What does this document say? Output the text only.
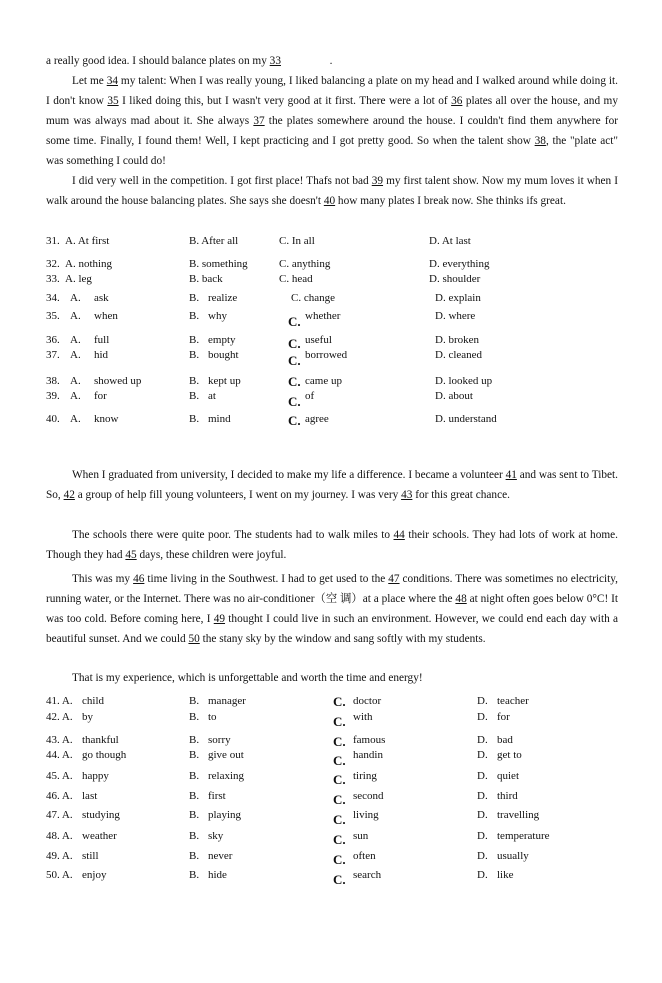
a really good idea. I should balance plates on my 33	.

Let me 34 my talent: When I was really young, I liked balancing a plate on my head and I walked around while doing it. I don't know 35 I liked doing this, but I wasn't very good at it first. There were a lot of 36 plates all over the house, and my mum was always mad about it. She always 37 the plates somewhere around the house. I couldn't find them anywhere for some time. Finally, I found them! Well, I kept practicing and I got pretty good. So when the talent show 38, the "plate act" was something I could do!

I did very well in the competition. I got first place! Thafs not bad 39 my first talent show. Now my mum loves it when I walk around the house balancing plates. She says she doesn't 40 how many plates I break now. She thinks ifs great.

31. A. At first	B. After all	C. In all	D. At last
32. A. nothing	B. something	C. anything	D. everything
33. A. leg	B. back	C. head	D. shoulder
34. A. ask	B. realize	C. change	D. explain
35. A. when	B. why	C. whether	D. where
36. A. full	B. empty	C. useful	D. broken
37. A. hid	B. bought	C. borrowed	D. cleaned
38. A. showed up	B. kept up	C. came up	D. looked up
39. A. for	B. at	C. of	D. about
40. A. know	B. mind	C. agree	D. understand

When I graduated from university, I decided to make my life a difference. I became a volunteer 41 and was sent to Tibet. So, 42 a group of help fill young volunteers, I went on my journey. I was very 43 for this great chance.

The schools there were quite poor. The students had to walk miles to 44 their schools. They had lots of work at home. Though they had 45 days, these children were joyful.

This was my 46 time living in the Southwest. I had to get used to the 47 conditions. There was sometimes no electricity, running water, or the Internet. There was no air-conditioner（空 调）at a place where the 48 at night often goes below 0°C! It was too cold. Before coming here, I 49 thought I could live in such an environment. However, we could end each day with a beautiful sunset. And we could 50 the stany sky by the window and sang softly with my students.

That is my experience, which is unforgettable and worth the time and energy!

41. A. child	B. manager	C. doctor	D. teacher
42. A. by	B. to	C. with	D. for
43. A. thankful	B. sorry	C. famous	D. bad
44. A. go though	B. give out	C. handin	D. get to
45. A. happy	B. relaxing	C. tiring	D. quiet
46. A. last	B. first	C. second	D. third
47. A. studying	B. playing	C. living	D. travelling
48. A. weather	B. sky	C. sun	D. temperature
49. A. still	B. never	C. often	D. usually
50. A. enjoy	B. hide	C. search	D. like
